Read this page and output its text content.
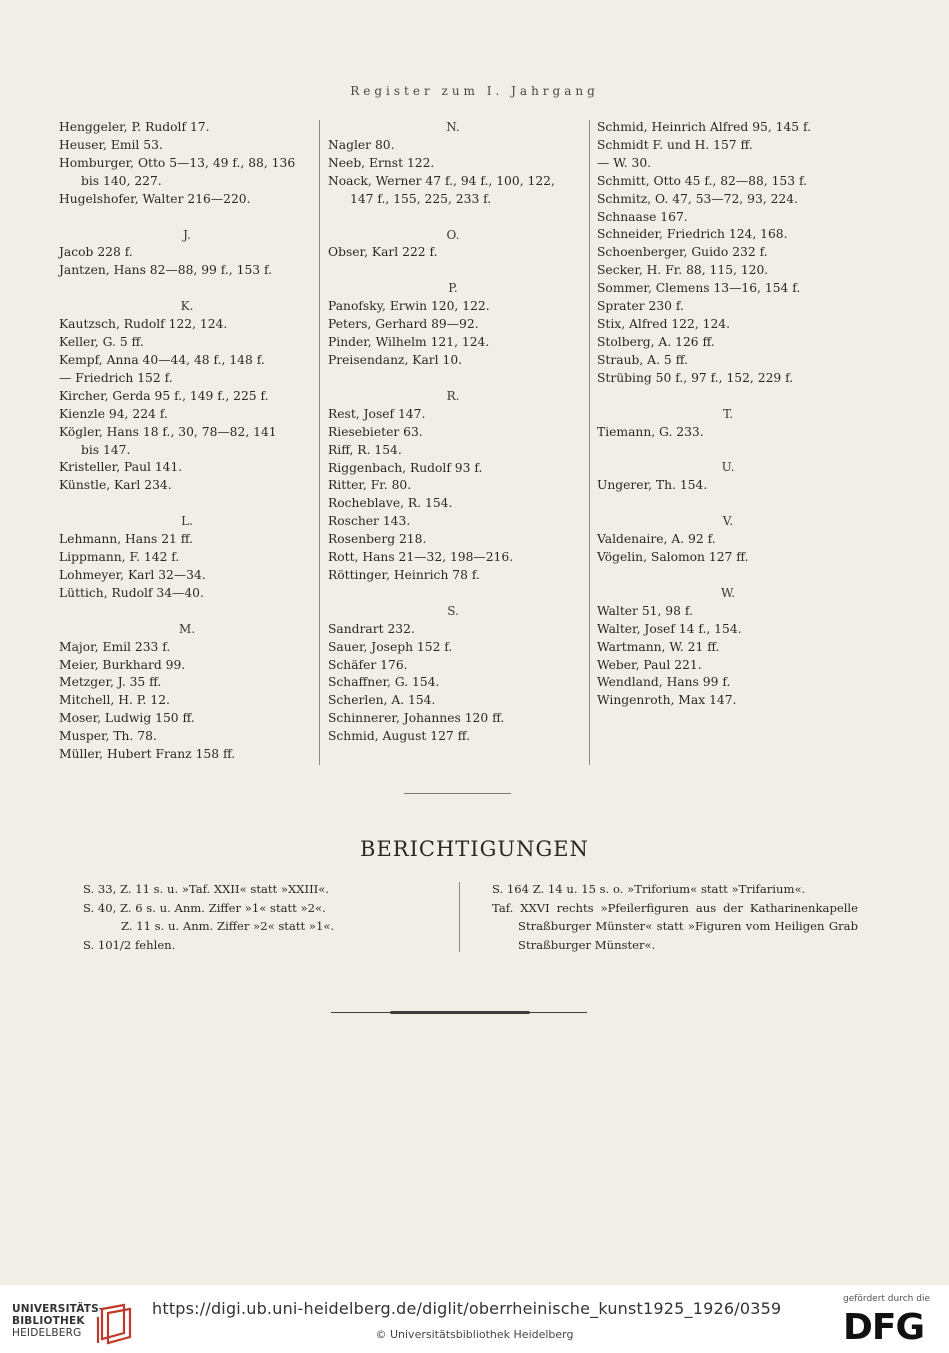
Register zum I. Jahrgang
Henggeler, P. Rudolf 17.
Heuser, Emil 53.
Homburger, Otto 5—13, 49 f., 88, 136
bis 140, 227.
Hugelshofer, Walter 216—220.
J.
Jacob 228 f.
Jantzen, Hans 82—88, 99 f., 153 f.
K.
Kautzsch, Rudolf 122, 124.
Keller, G. 5 ff.
Kempf, Anna 40—44, 48 f., 148 f.
— Friedrich 152 f.
Kircher, Gerda 95 f., 149 f., 225 f.
Kienzle 94, 224 f.
Kögler, Hans 18 f., 30, 78—82, 141
bis 147.
Kristeller, Paul 141.
Künstle, Karl 234.
L.
Lehmann, Hans 21 ff.
Lippmann, F. 142 f.
Lohmeyer, Karl 32—34.
Lüttich, Rudolf 34—40.
M.
Major, Emil 233 f.
Meier, Burkhard 99.
Metzger, J. 35 ff.
Mitchell, H. P. 12.
Moser, Ludwig 150 ff.
Musper, Th. 78.
Müller, Hubert Franz 158 ff.
N.
Nagler 80.
Neeb, Ernst 122.
Noack, Werner 47 f., 94 f., 100, 122,
147 f., 155, 225, 233 f.
O.
Obser, Karl 222 f.
P.
Panofsky, Erwin 120, 122.
Peters, Gerhard 89—92.
Pinder, Wilhelm 121, 124.
Preisendanz, Karl 10.
R.
Rest, Josef 147.
Riesebieter 63.
Riff, R. 154.
Riggenbach, Rudolf 93 f.
Ritter, Fr. 80.
Rocheblave, R. 154.
Roscher 143.
Rosenberg 218.
Rott, Hans 21—32, 198—216.
Röttinger, Heinrich 78 f.
S.
Sandrart 232.
Sauer, Joseph 152 f.
Schäfer 176.
Schaffner, G. 154.
Scherlen, A. 154.
Schinnerer, Johannes 120 ff.
Schmid, August 127 ff.
Schmid, Heinrich Alfred 95, 145 f.
Schmidt F. und H. 157 ff.
— W. 30.
Schmitt, Otto 45 f., 82—88, 153 f.
Schmitz, O. 47, 53—72, 93, 224.
Schnaase 167.
Schneider, Friedrich 124, 168.
Schoenberger, Guido 232 f.
Secker, H. Fr. 88, 115, 120.
Sommer, Clemens 13—16, 154 f.
Sprater 230 f.
Stix, Alfred 122, 124.
Stolberg, A. 126 ff.
Straub, A. 5 ff.
Strübing 50 f., 97 f., 152, 229 f.
T.
Tiemann, G. 233.
U.
Ungerer, Th. 154.
V.
Valdenaire, A. 92 f.
Vögelin, Salomon 127 ff.
W.
Walter 51, 98 f.
Walter, Josef 14 f., 154.
Wartmann, W. 21 ff.
Weber, Paul 221.
Wendland, Hans 99 f.
Wingenroth, Max 147.
BERICHTIGUNGEN
S. 33, Z. 11 s. u. »Taf. XXII« statt »XXIII«.
S. 40, Z. 6 s. u. Anm. Ziffer »1« statt »2«.
Z. 11 s. u. Anm. Ziffer »2« statt »1«.
S. 101/2 fehlen.
S. 164 Z. 14 u. 15 s. o. »Triforium« statt »Trifarium«.
Taf. XXVI rechts »Pfeilerfiguren aus der Katharinenkapelle Straßburger Münster« statt »Figuren vom Heiligen Grab Straßburger Münster«.
UNIVERSITÄTS-
BIBLIOTHEK
HEIDELBERG
https://digi.ub.uni-heidelberg.de/diglit/oberrheinische_kunst1925_1926/0359
© Universitätsbibliothek Heidelberg
gefördert durch die
DFG
